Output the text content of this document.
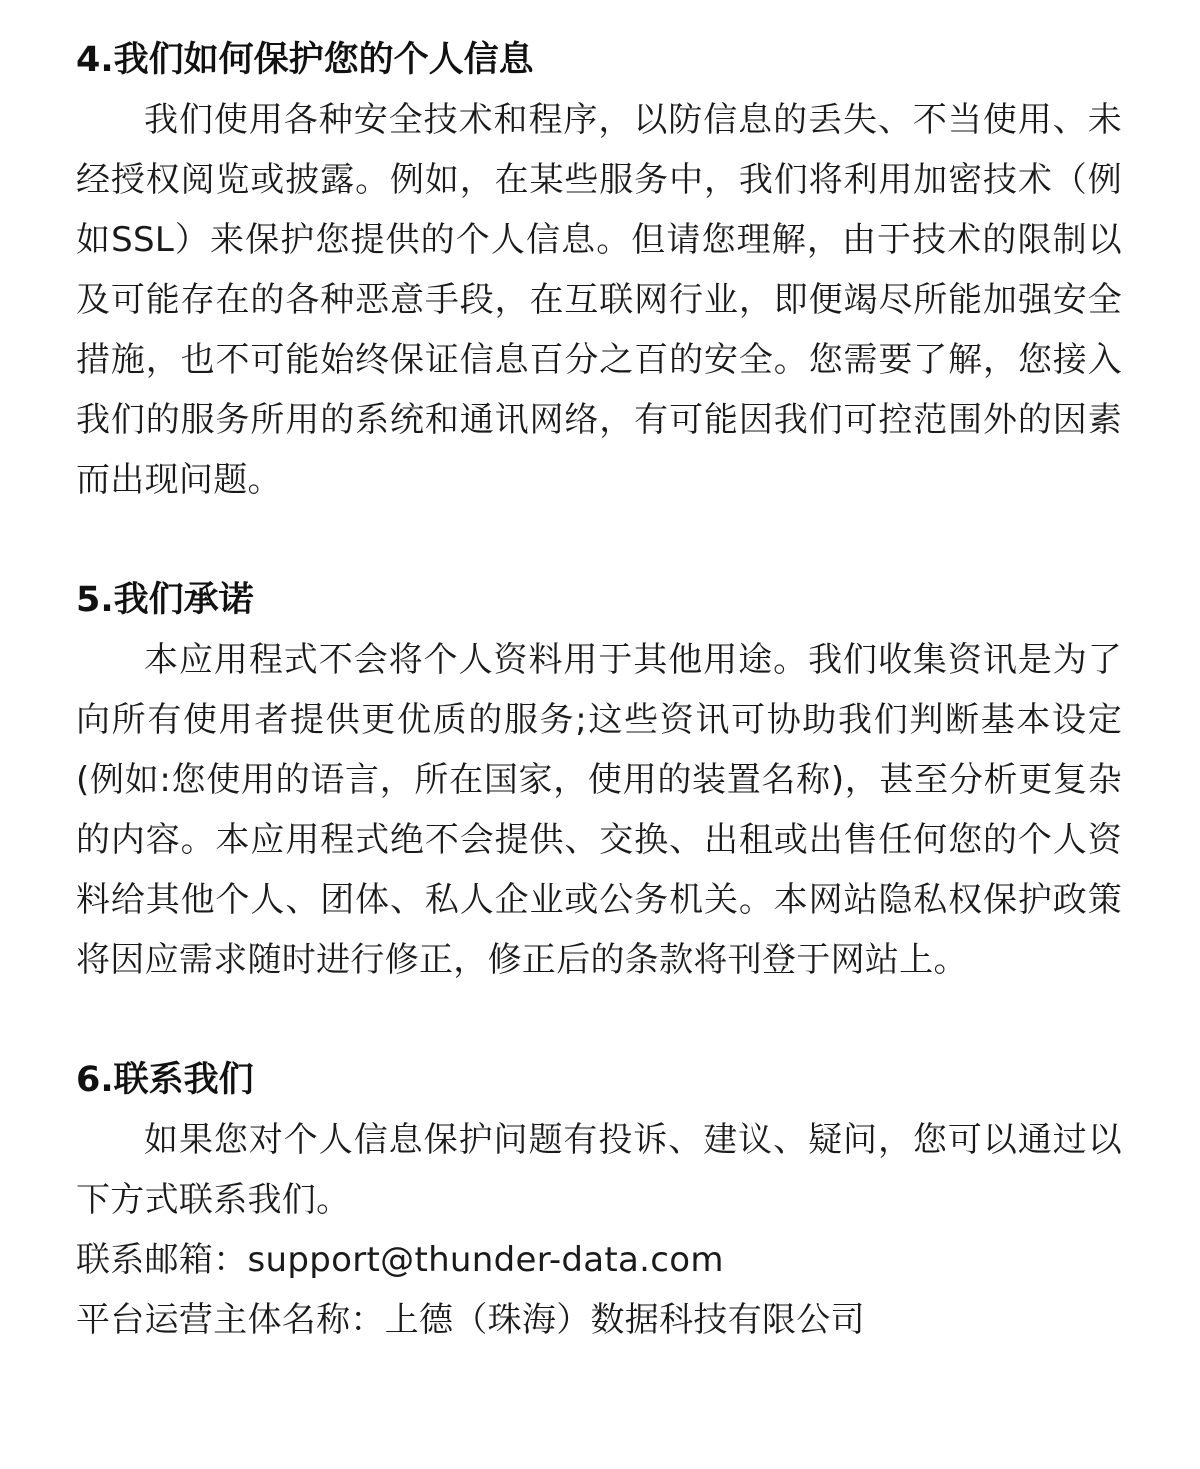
4.我们如何保护您的个人信息

我们使用各种安全技术和程序，以防信息的丢失、不当使用、未经授权阅览或披露。例如，在某些服务中，我们将利用加密技术（例如SSL）来保护您提供的个人信息。但请您理解，由于技术的限制以及可能存在的各种恶意手段，在互联网行业，即便竭尽所能加强安全措施，也不可能始终保证信息百分之百的安全。您需要了解，您接入我们的服务所用的系统和通讯网络，有可能因我们可控范围外的因素而出现问题。

5.我们承诺

本应用程式不会将个人资料用于其他用途。我们收集资讯是为了向所有使用者提供更优质的服务;这些资讯可协助我们判断基本设定 (例如:您使用的语言，所在国家，使用的装置名称)，甚至分析更复杂的内容。本应用程式绝不会提供、交换、出租或出售任何您的个人资料给其他个人、团体、私人企业或公务机关。本网站隐私权保护政策将因应需求随时进行修正，修正后的条款将刊登于网站上。

6.联系我们

如果您对个人信息保护问题有投诉、建议、疑问，您可以通过以下方式联系我们。

联系邮箱：support@thunder-data.com

平台运营主体名称：上德（珠海）数据科技有限公司
